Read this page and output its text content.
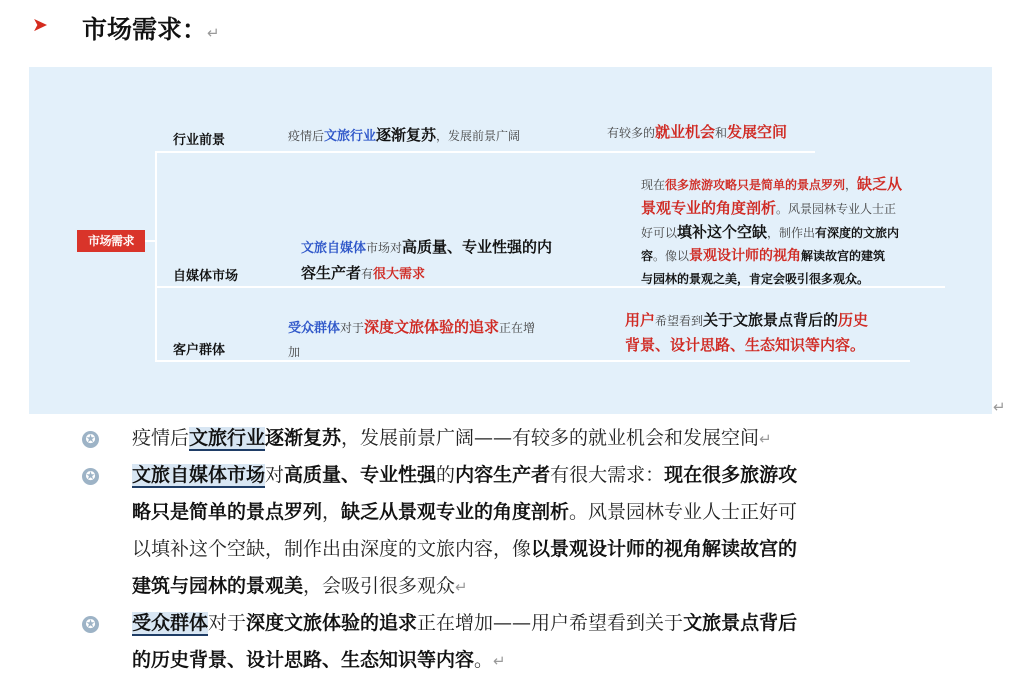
➤ 市场需求：↵
市场需求
行业前景	疫情后文旅行业逐渐复苏，发展前景广阔	有较多的就业机会和发展空间
自媒体市场
文旅自媒体市场对高质量、专业性强的内
容生产者有很大需求
现在很多旅游攻略只是简单的景点罗列，缺乏从
景观专业的角度剖析。风景园林专业人士正
好可以填补这个空缺，制作出有深度的文旅内
容。像以景观设计师的视角解读故宫的建筑
与园林的景观之美，肯定会吸引很多观众。
客户群体
受众群体对于深度文旅体验的追求正在增
加
用户希望看到关于文旅景点背后的历史
背景、设计思路、生态知识等内容。
↵
✪ 疫情后文旅行业逐渐复苏，发展前景广阔——有较多的就业机会和发展空间↵
✪ 文旅自媒体市场对高质量、专业性强的内容生产者有很大需求：现在很多旅游攻
略只是简单的景点罗列，缺乏从景观专业的角度剖析。风景园林专业人士正好可
以填补这个空缺，制作出由深度的文旅内容，像以景观设计师的视角解读故宫的
建筑与园林的景观美，会吸引很多观众↵
✪ 受众群体对于深度文旅体验的追求正在增加——用户希望看到关于文旅景点背后
的历史背景、设计思路、生态知识等内容。↵
